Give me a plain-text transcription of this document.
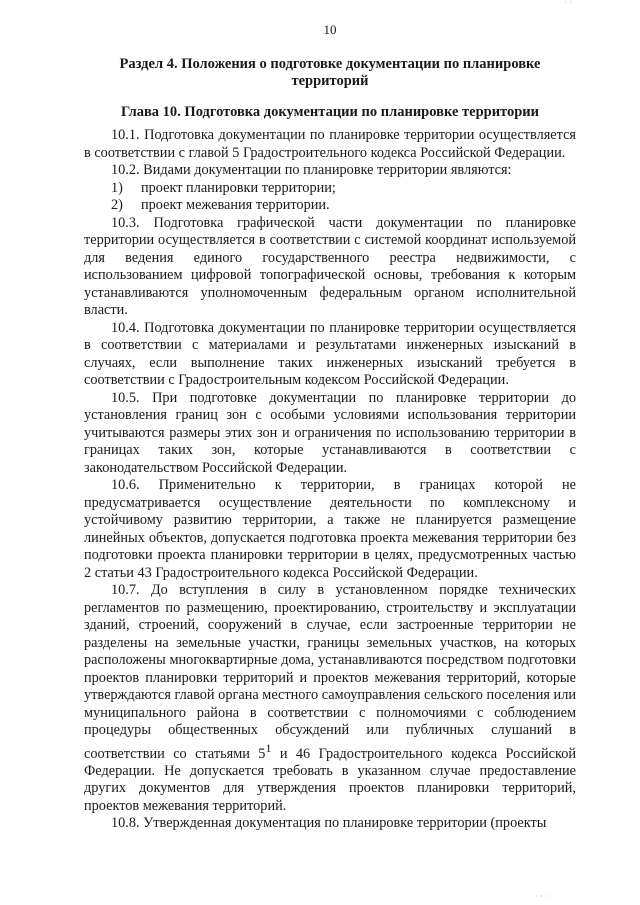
· ·
10
Раздел 4. Положения о подготовке документации по планировке
территорий
Глава 10. Подготовка документации по планировке территории

10.1. Подготовка документации по планировке территории осуществляется в соответствии с главой 5 Градостроительного кодекса Российской Федерации.

10.2. Видами документации по планировке территории являются:

1) проект планировки территории;

2) проект межевания территории.

10.3. Подготовка графической части документации по планировке территории осуществляется в соответствии с системой координат используемой для ведения единого государственного реестра недвижимости, с использованием цифровой топографической основы, требования к которым устанавливаются уполномоченным федеральным органом исполнительной власти.

10.4. Подготовка документации по планировке территории осуществляется в соответствии с материалами и результатами инженерных изысканий в случаях, если выполнение таких инженерных изысканий требуется в соответствии с Градостроительным кодексом Российской Федерации.

10.5. При подготовке документации по планировке территории до установления границ зон с особыми условиями использования территории учитываются размеры этих зон и ограничения по использованию территории в границах таких зон, которые устанавливаются в соответствии с законодательством Российской Федерации.

10.6. Применительно к территории, в границах которой не предусматривается осуществление деятельности по комплексному и устойчивому развитию территории, а также не планируется размещение линейных объектов, допускается подготовка проекта межевания территории без подготовки проекта планировки территории в целях, предусмотренных частью 2 статьи 43 Градостроительного кодекса Российской Федерации.

10.7. До вступления в силу в установленном порядке технических регламентов по размещению, проектированию, строительству и эксплуатации зданий, строений, сооружений в случае, если застроенные территории не разделены на земельные участки, границы земельных участков, на которых расположены многоквартирные дома, устанавливаются посредством подготовки проектов планировки территорий и проектов межевания территорий, которые утверждаются главой органа местного самоуправления сельского поселения или муниципального района в соответствии с полномочиями с соблюдением процедуры общественных обсуждений или публичных слушаний в соответствии со статьями $5^1$ и 46 Градостроительного кодекса Российской Федерации. Не допускается требовать в указанном случае предоставление других документов для утверждения проектов планировки территорий, проектов межевания территорий.

10.8. Утвержденная документация по планировке территории (проекты

· · ·
